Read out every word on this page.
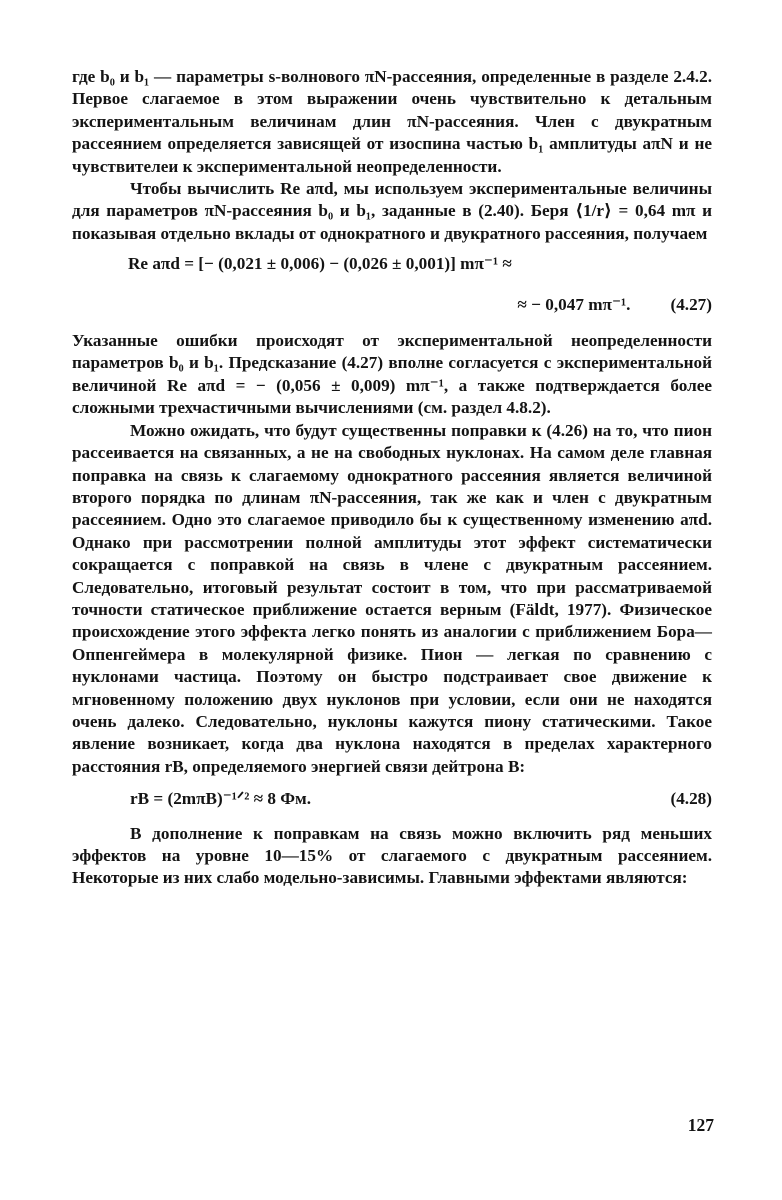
где b₀ и b₁ — параметры s-волнового πN-рассеяния, определенные в разделе 2.4.2. Первое слагаемое в этом выражении очень чувствительно к детальным экспериментальным величинам длин πN-рассеяния. Член с двукратным рассеянием определяется зависящей от изоспина частью b₁ амплитуды aπN и не чувствителеи к экспериментальной неопределенности.

Чтобы вычислить Re aπd, мы используем экспериментальные величины для параметров πN-рассеяния b₀ и b₁, заданные в (2.40). Беря ⟨1/r⟩ = 0,64 mπ и показывая отдельно вклады от однократного и двукратного рассеяния, получаем

Re aπd = [− (0,021 ± 0,006) − (0,026 ± 0,001)] mπ⁻¹ ≈
≈ − 0,047 mπ⁻¹. (4.27)

Указанные ошибки происходят от экспериментальной неопределенности параметров b₀ и b₁. Предсказание (4.27) вполне согласуется с экспериментальной величиной Re aπd = − (0,056 ± 0,009) mπ⁻¹, а также подтверждается более сложными трехчастичными вычислениями (см. раздел 4.8.2).

Можно ожидать, что будут существенны поправки к (4.26) на то, что пион рассеивается на связанных, а не на свободных нуклонах. На самом деле главная поправка на связь к слагаемому однократного рассеяния является величиной второго порядка по длинам πN-рассеяния, так же как и член с двукратным рассеянием. Одно это слагаемое приводило бы к существенному изменению aπd. Однако при рассмотрении полной амплитуды этот эффект систематически сокращается с поправкой на связь в члене с двукратным рассеянием. Следовательно, итоговый результат состоит в том, что при рассматриваемой точности статическое приближение остается верным (Fäldt, 1977). Физическое происхождение этого эффекта легко понять из аналогии с приближением Бора—Оппенгеймера в молекулярной физике. Пион — легкая по сравнению с нуклонами частица. Поэтому он быстро подстраивает свое движение к мгновенному положению двух нуклонов при условии, если они не находятся очень далеко. Следовательно, нуклоны кажутся пиону статическими. Такое явление возникает, когда два нуклона находятся в пределах характерного расстояния rB, определяемого энергией связи дейтрона B:

rB = (2mπB)⁻¹ᐟ² ≈ 8 Фм.	(4.28)

В дополнение к поправкам на связь можно включить ряд меньших эффектов на уровне 10—15% от слагаемого с двукратным рассеянием. Некоторые из них слабо модельно-зависимы. Главными эффектами являются:

127
